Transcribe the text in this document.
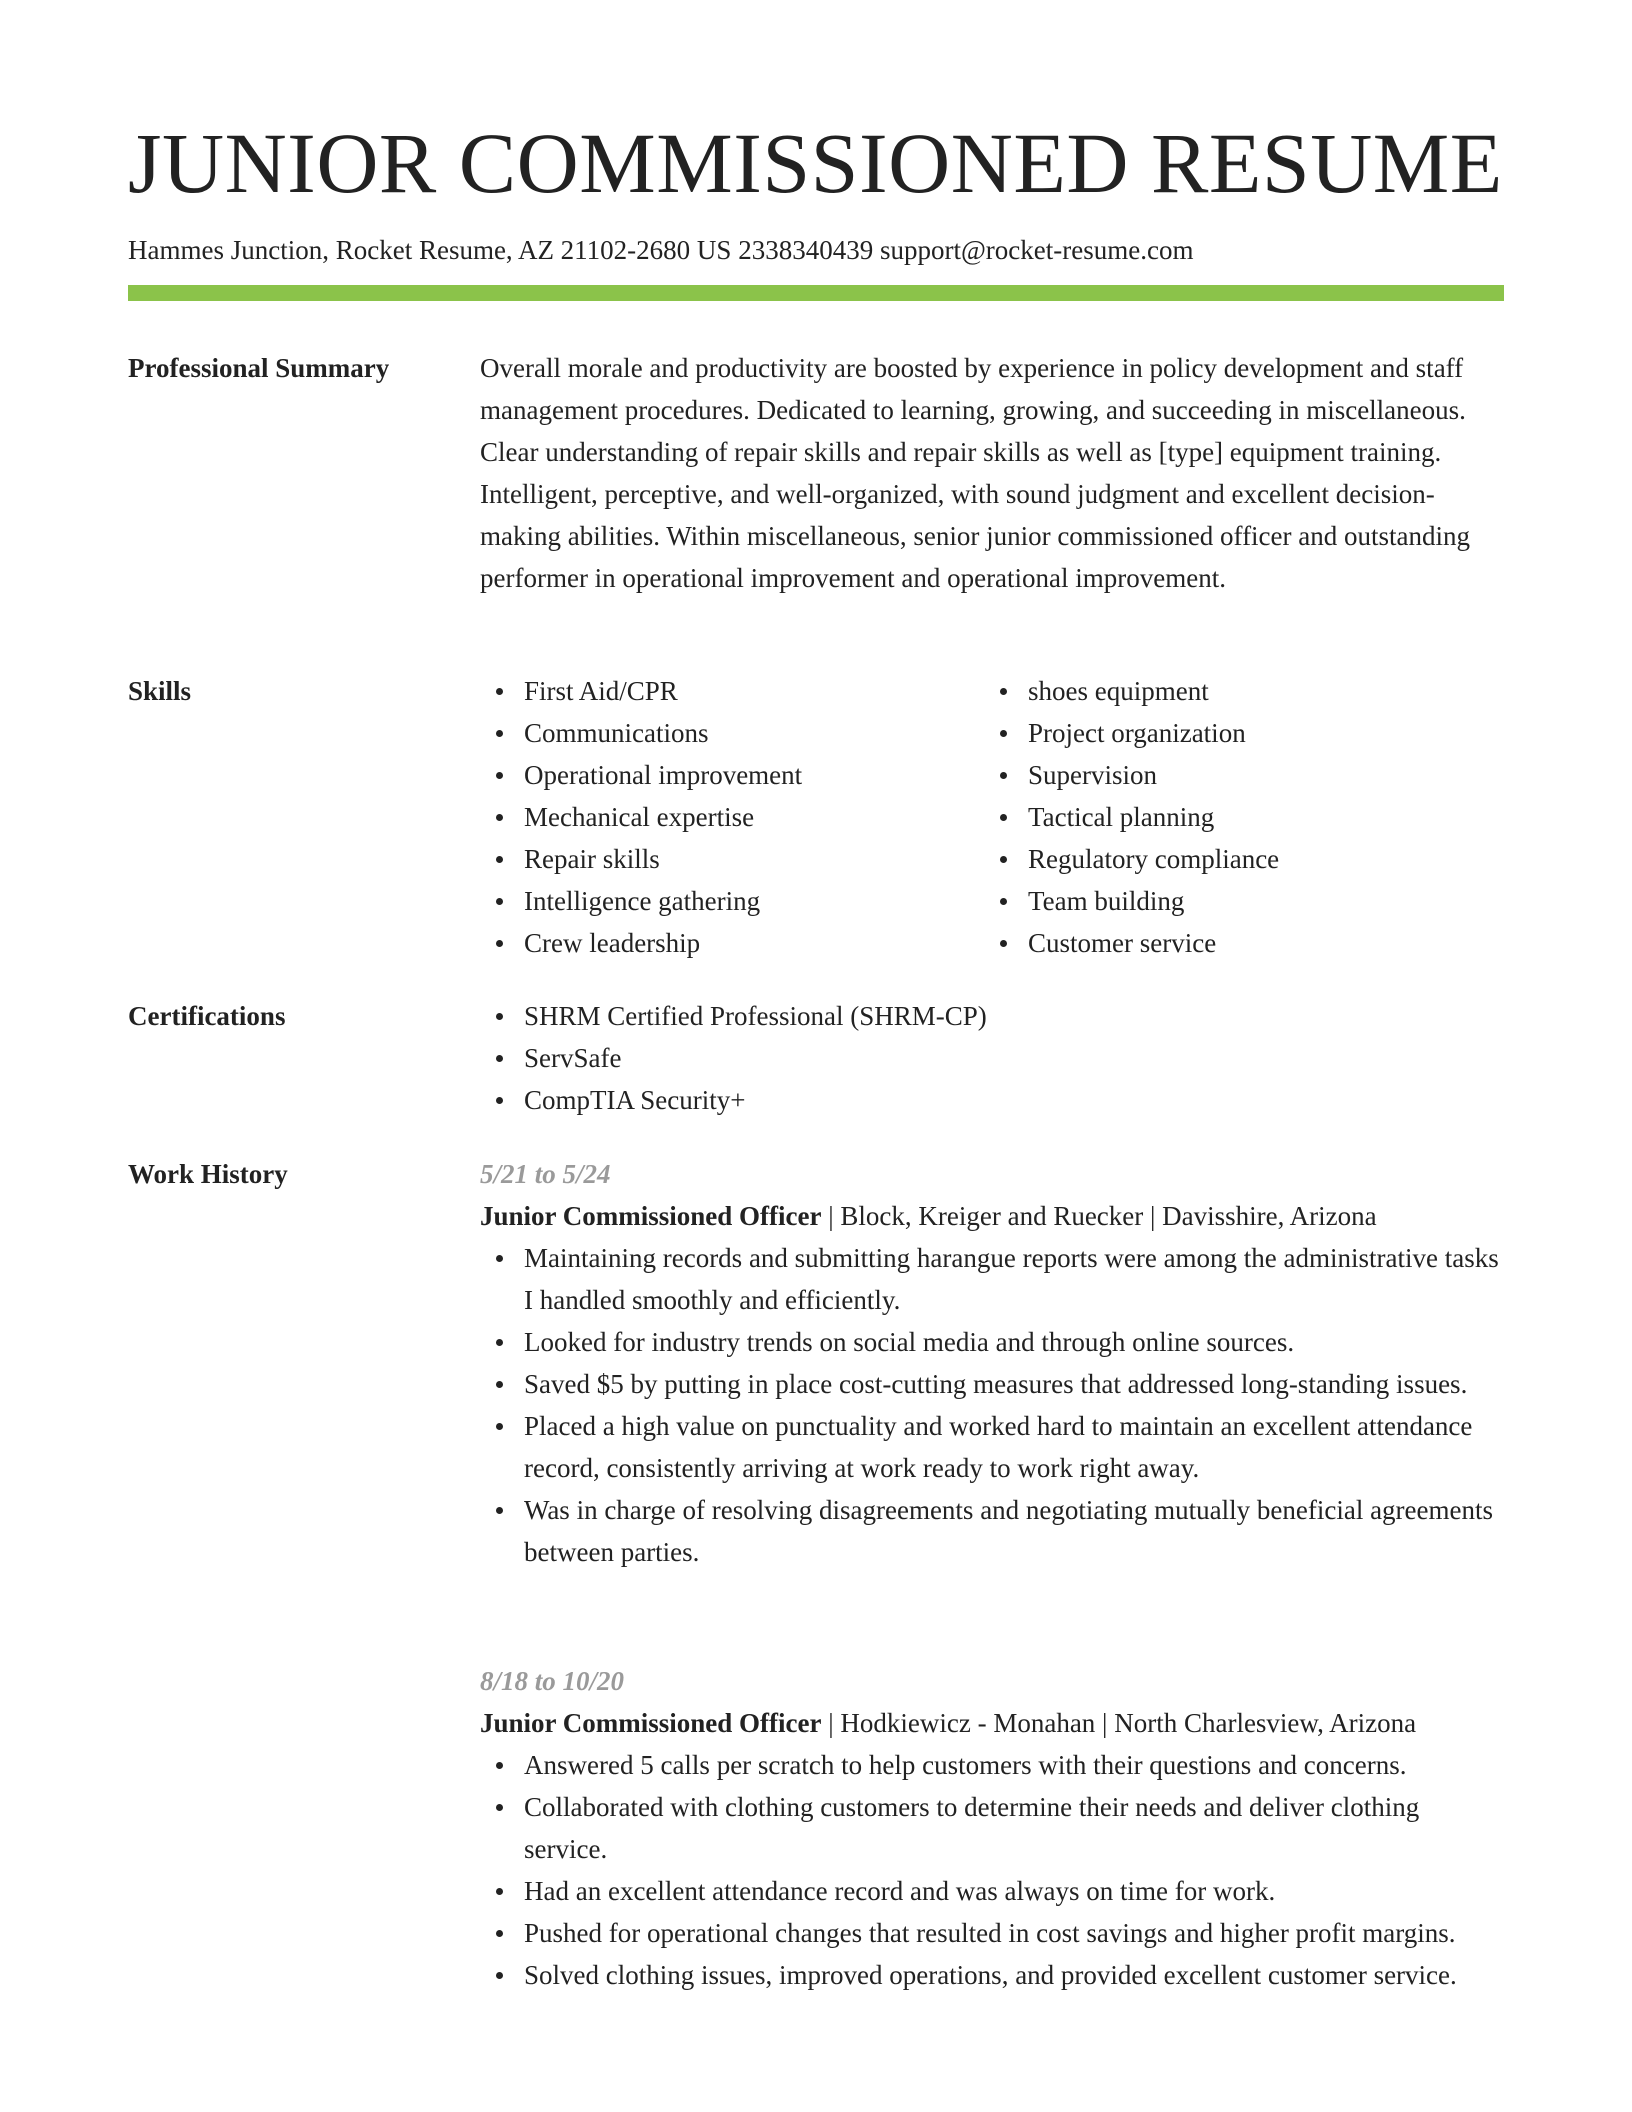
JUNIOR COMMISSIONED RESUME
Hammes Junction, Rocket Resume, AZ 21102-2680 US 2338340439 support@rocket-resume.com
Professional Summary	Overall morale and productivity are boosted by experience in policy development and staff management procedures. Dedicated to learning, growing, and succeeding in miscellaneous. Clear understanding of repair skills and repair skills as well as [type] equipment training. Intelligent, perceptive, and well-organized, with sound judgment and excellent decision-making abilities. Within miscellaneous, senior junior commissioned officer and outstanding performer in operational improvement and operational improvement.

Skills	First Aid/CPR
Communications
Operational improvement
Mechanical expertise
Repair skills
Intelligence gathering
Crew leadership
shoes equipment
Project organization
Supervision
Tactical planning
Regulatory compliance
Team building
Customer service
Certifications	SHRM Certified Professional (SHRM-CP)
ServSafe
CompTIA Security+
Work History	5/21 to 5/24
Junior Commissioned Officer | Block, Kreiger and Ruecker | Davisshire, Arizona
Maintaining records and submitting harangue reports were among the administrative tasks I handled smoothly and efficiently.
Looked for industry trends on social media and through online sources.
Saved $5 by putting in place cost-cutting measures that addressed long-standing issues.
Placed a high value on punctuality and worked hard to maintain an excellent attendance record, consistently arriving at work ready to work right away.
Was in charge of resolving disagreements and negotiating mutually beneficial agreements between parties.
8/18 to 10/20
Junior Commissioned Officer | Hodkiewicz - Monahan | North Charlesview, Arizona
Answered 5 calls per scratch to help customers with their questions and concerns.
Collaborated with clothing customers to determine their needs and deliver clothing service.
Had an excellent attendance record and was always on time for work.
Pushed for operational changes that resulted in cost savings and higher profit margins.
Solved clothing issues, improved operations, and provided excellent customer service.
